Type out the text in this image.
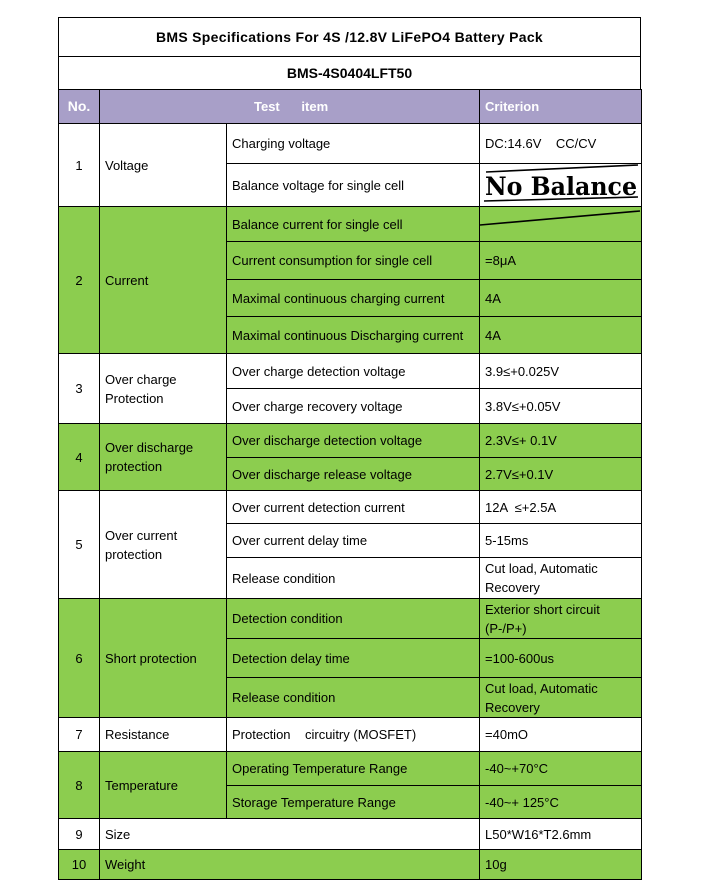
BMS Specifications For 4S /12.8V LiFePO4 Battery Pack
BMS-4S0404LFT50
No.	Test      item		Criterion
1	Voltage	Charging voltage	DC:14.6V    CC/CV
		Balance voltage for single cell	No Balance

2	Current	Balance current for single cell	

		Current consumption for single cell	=8μA
		Maximal continuous charging current	4A
		Maximal continuous Discharging current	4A
3	Over charge Protection	Over charge detection voltage	3.9≤+0.025V
		Over charge recovery voltage	3.8V≤+0.05V
4	Over discharge protection	Over discharge detection voltage	2.3V≤+ 0.1V
		Over discharge release voltage	2.7V≤+0.1V
5	Over current protection	Over current detection current	12A  ≤+2.5A
		Over current delay time	5-15ms
		Release condition	Cut load, Automatic Recovery
6	Short protection	Detection condition	Exterior short circuit (P-/P+)
		Detection delay time	=100-600us
		Release condition	Cut load, Automatic Recovery
7	Resistance	Protection    circuitry (MOSFET)	=40mO
8	Temperature	Operating Temperature Range	-40~+70°C
		Storage Temperature Range	-40~+ 125°C
9	Size		L50*W16*T2.6mm
10	Weight		10g
